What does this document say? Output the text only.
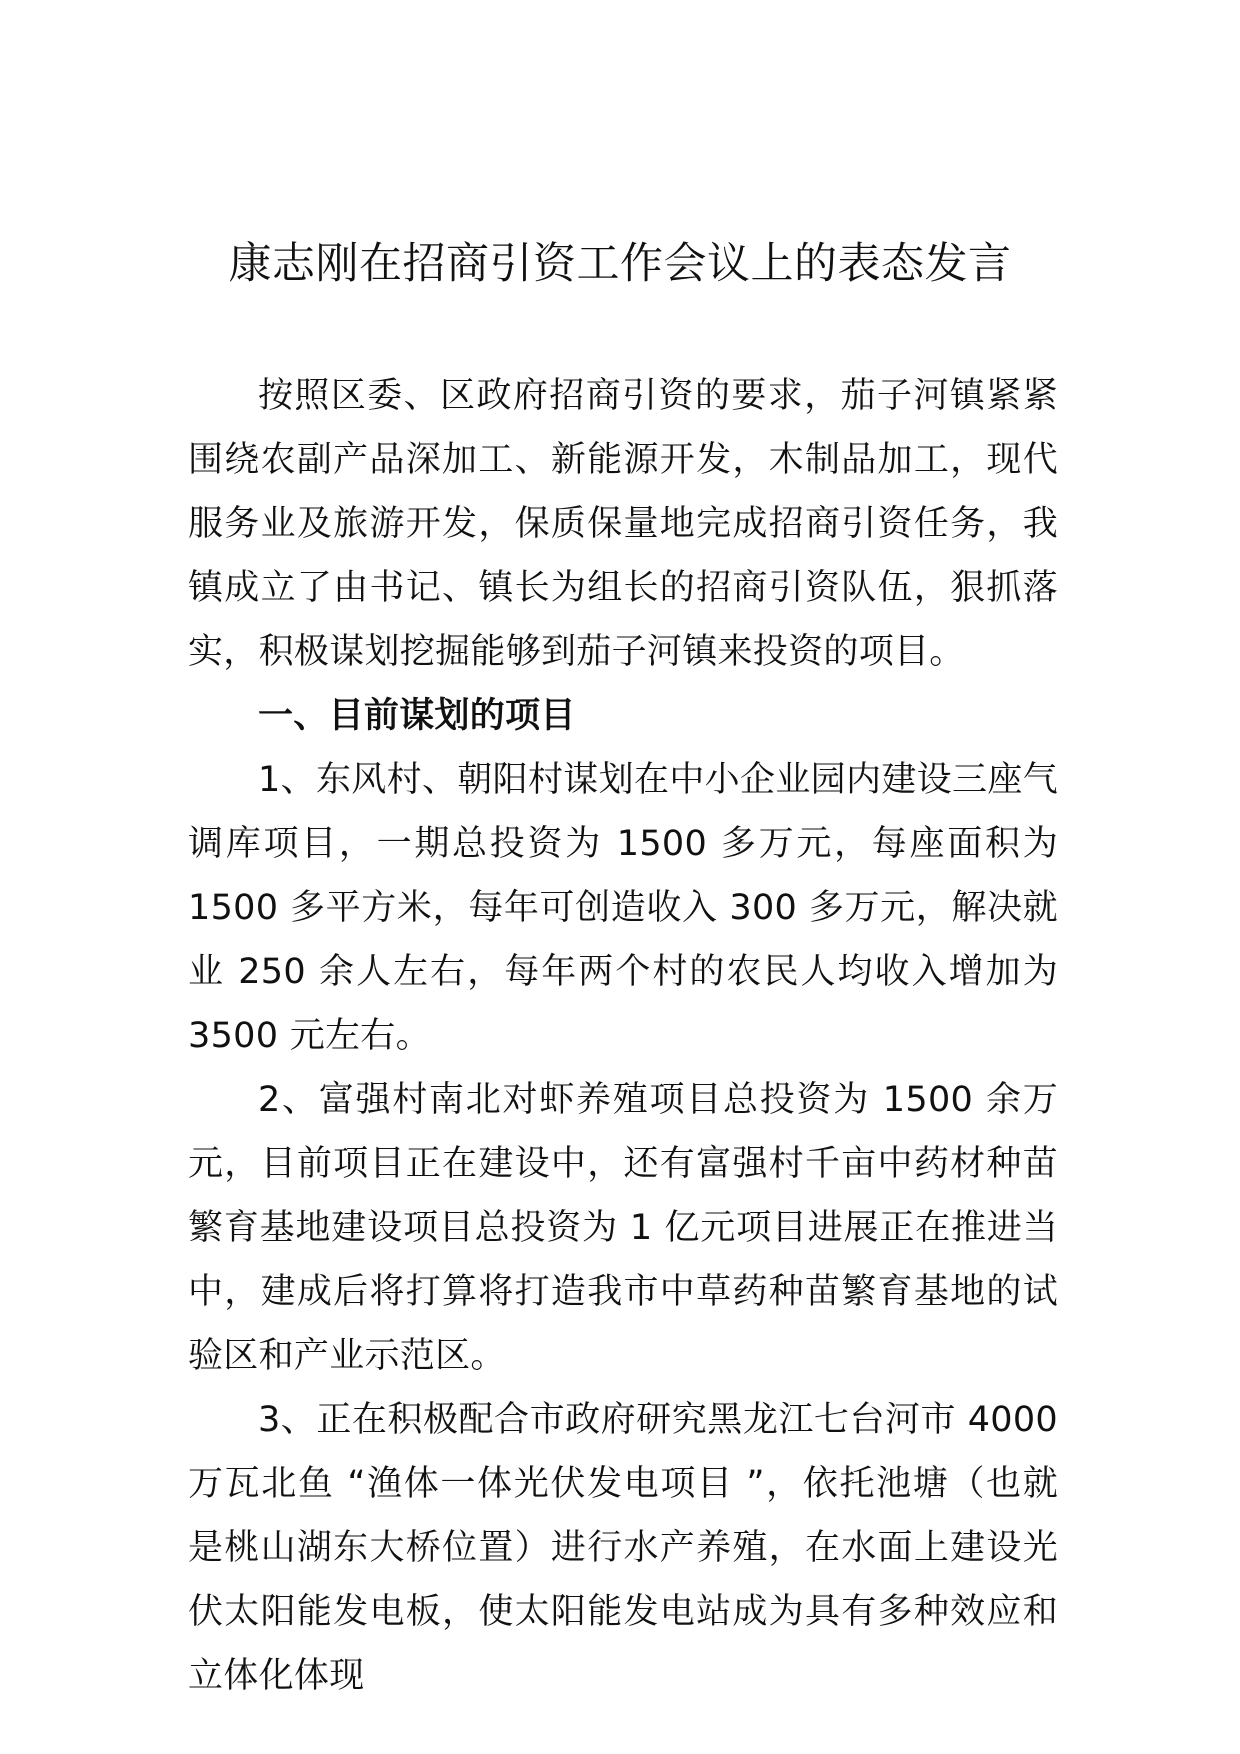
康志刚在招商引资工作会议上的表态发言

按照区委、区政府招商引资的要求，茄子河镇紧紧围绕农副产品深加工、新能源开发，木制品加工，现代服务业及旅游开发，保质保量地完成招商引资任务，我镇成立了由书记、镇长为组长的招商引资队伍，狠抓落实，积极谋划挖掘能够到茄子河镇来投资的项目。

一、目前谋划的项目

1、东风村、朝阳村谋划在中小企业园内建设三座气调库项目，一期总投资为 1500 多万元，每座面积为 1500 多平方米，每年可创造收入 300 多万元，解决就业 250 余人左右，每年两个村的农民人均收入增加为 3500 元左右。

2、富强村南北对虾养殖项目总投资为 1500 余万元，目前项目正在建设中，还有富强村千亩中药材种苗繁育基地建设项目总投资为 1 亿元项目进展正在推进当中，建成后将打算将打造我市中草药种苗繁育基地的试验区和产业示范区。

3、正在积极配合市政府研究黑龙江七台河市 4000 万瓦北鱼 “渔体一体光伏发电项目 ”，依托池塘（也就是桃山湖东大桥位置）进行水产养殖，在水面上建设光伏太阳能发电板，使太阳能发电站成为具有多种效应和立体化体现
